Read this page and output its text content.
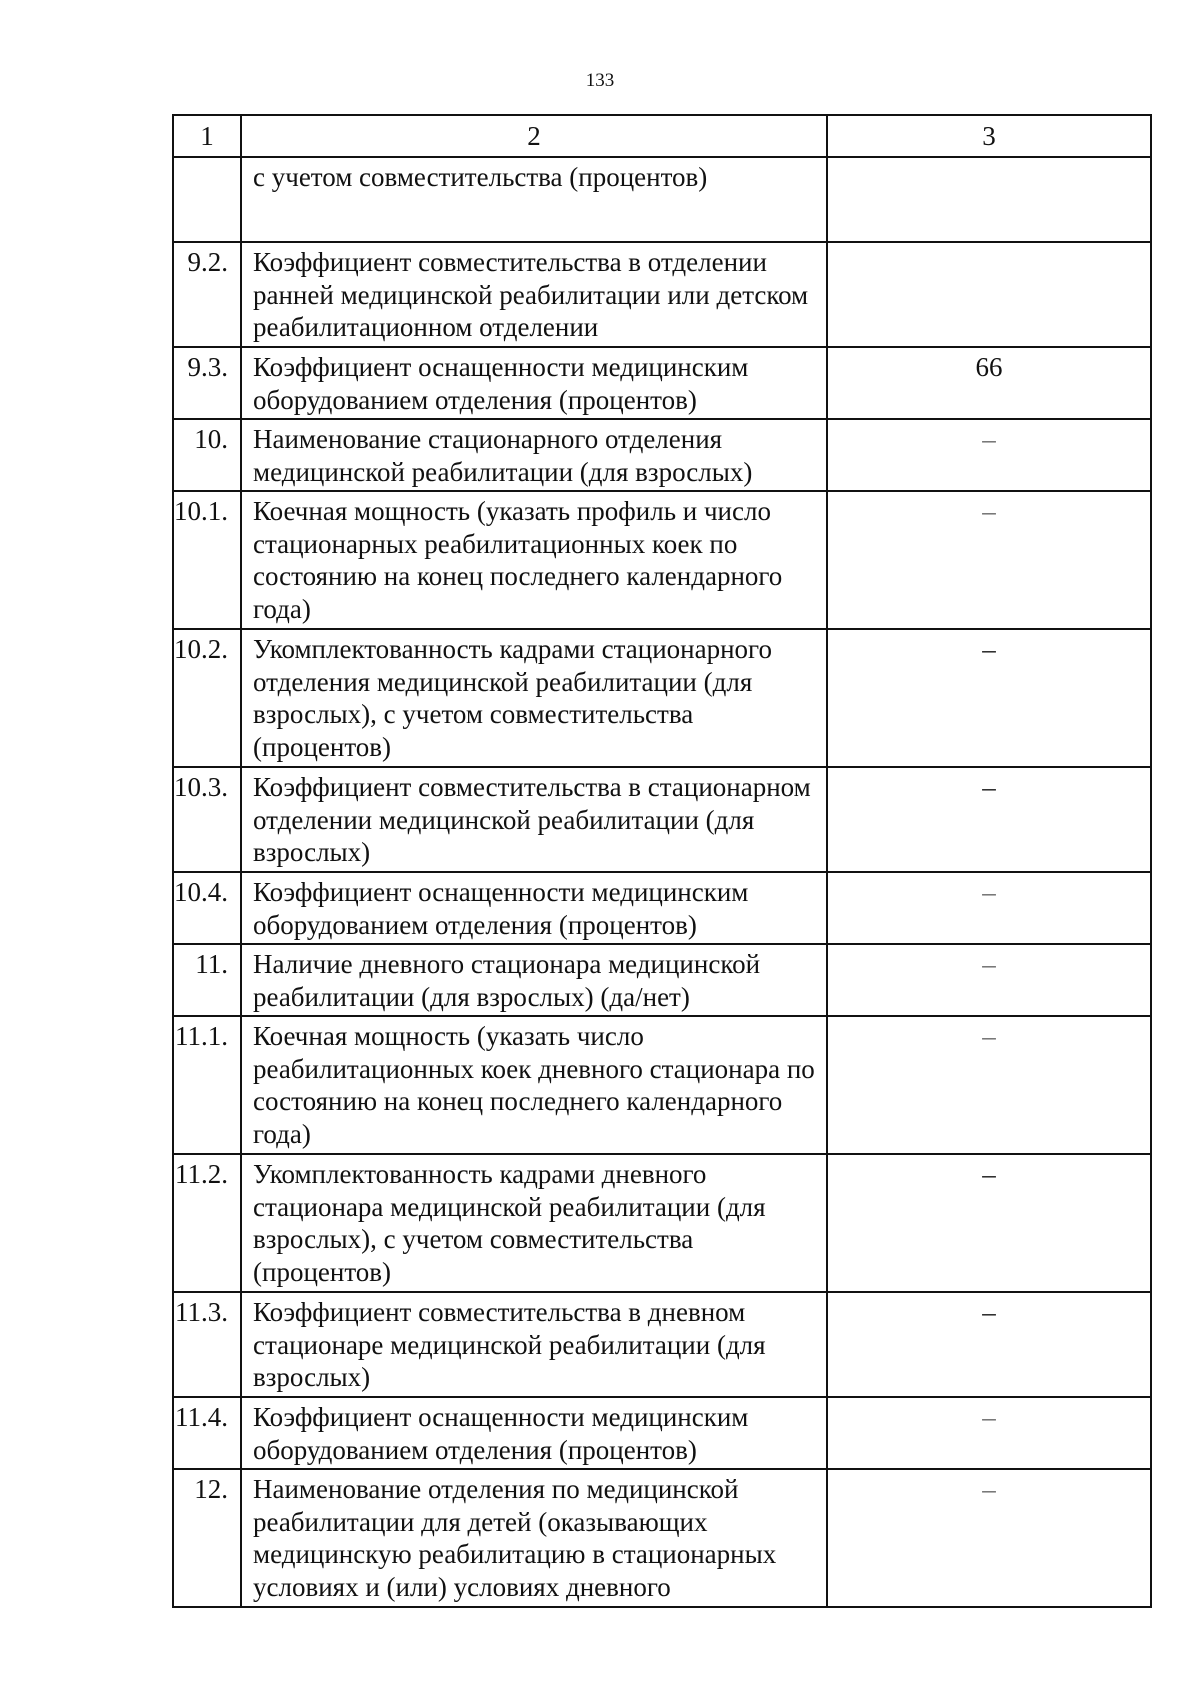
133
1	2	3
	с учетом совместительства (процентов)	
9.2.	Коэффициент совместительства в отделении ранней медицинской реабилитации или детском реабилитационном отделении	
9.3.	Коэффициент оснащенности медицинским оборудованием отделения (процентов)	66
10.	Наименование стационарного отделения медицинской реабилитации (для взрослых)	–
10.1.	Коечная мощность (указать профиль и число стационарных реабилитационных коек по состоянию на конец последнего календарного года)	–
10.2.	Укомплектованность кадрами стационарного отделения медицинской реабилитации (для взрослых), с учетом совместительства (процентов)	–
10.3.	Коэффициент совместительства в стационарном отделении медицинской реабилитации (для взрослых)	–
10.4.	Коэффициент оснащенности медицинским оборудованием отделения (процентов)	–
11.	Наличие дневного стационара медицинской реабилитации (для взрослых) (да/нет)	–
11.1.	Коечная мощность (указать число реабилитационных коек дневного стационара по состоянию на конец последнего календарного года)	–
11.2.	Укомплектованность кадрами дневного стационара медицинской реабилитации (для взрослых), с учетом совместительства (процентов)	–
11.3.	Коэффициент совместительства в дневном стационаре медицинской реабилитации (для взрослых)	–
11.4.	Коэффициент оснащенности медицинским оборудованием отделения (процентов)	–
12.	Наименование отделения по медицинской реабилитации для детей (оказывающих медицинскую реабилитацию в стационарных условиях и (или) условиях дневного	–
